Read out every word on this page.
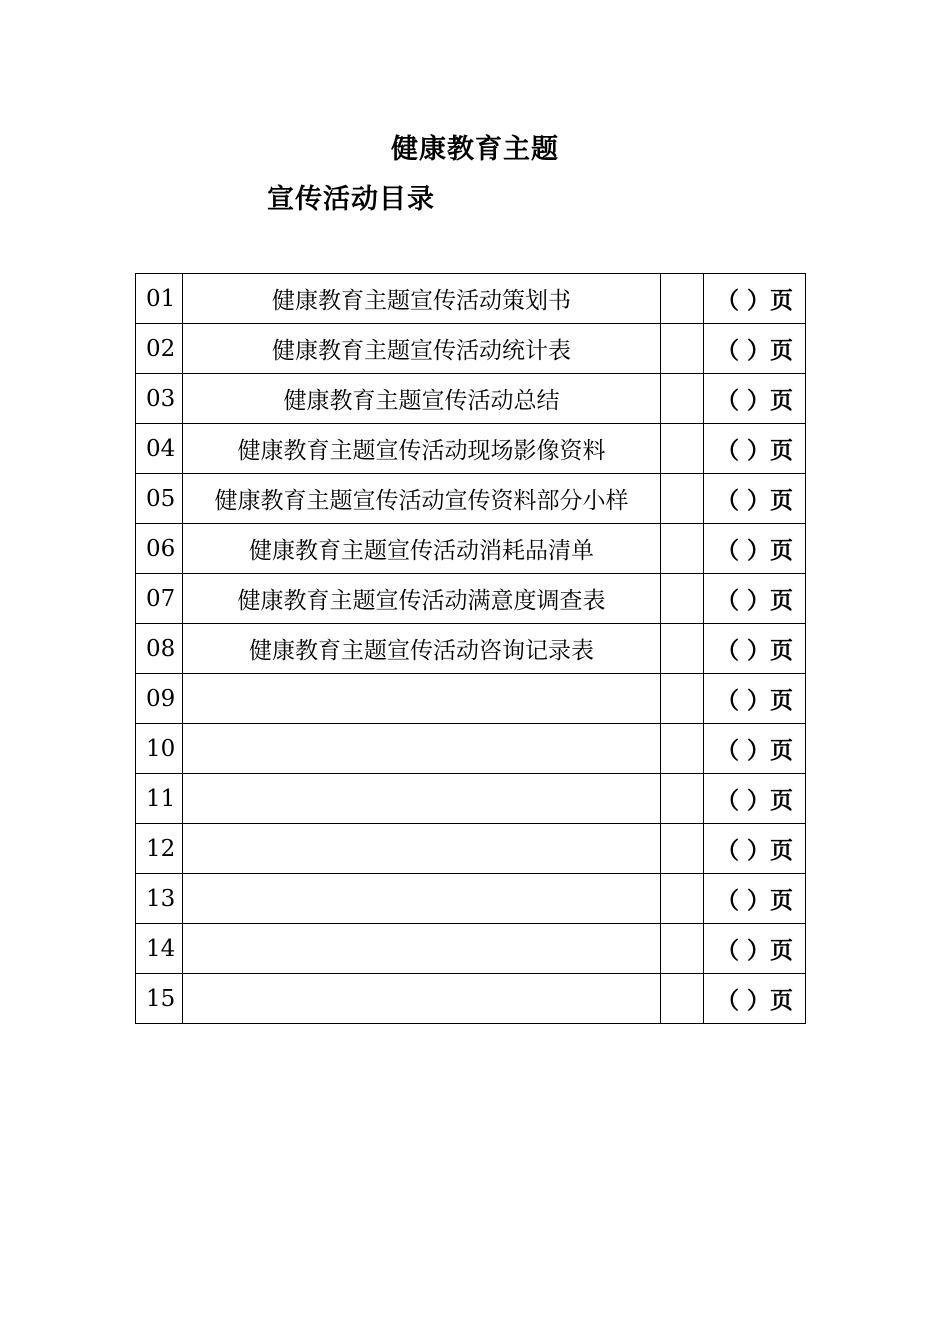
健康教育主题
宣传活动目录
01	健康教育主题宣传活动策划书		（ ）页
02	健康教育主题宣传活动统计表		（ ）页
03	健康教育主题宣传活动总结		（ ）页
04	健康教育主题宣传活动现场影像资料		（ ）页
05	健康教育主题宣传活动宣传资料部分小样		（ ）页
06	健康教育主题宣传活动消耗品清单		（ ）页
07	健康教育主题宣传活动满意度调查表		（ ）页
08	健康教育主题宣传活动咨询记录表		（ ）页
09			（ ）页
10			（ ）页
11			（ ）页
12			（ ）页
13			（ ）页
14			（ ）页
15			（ ）页
